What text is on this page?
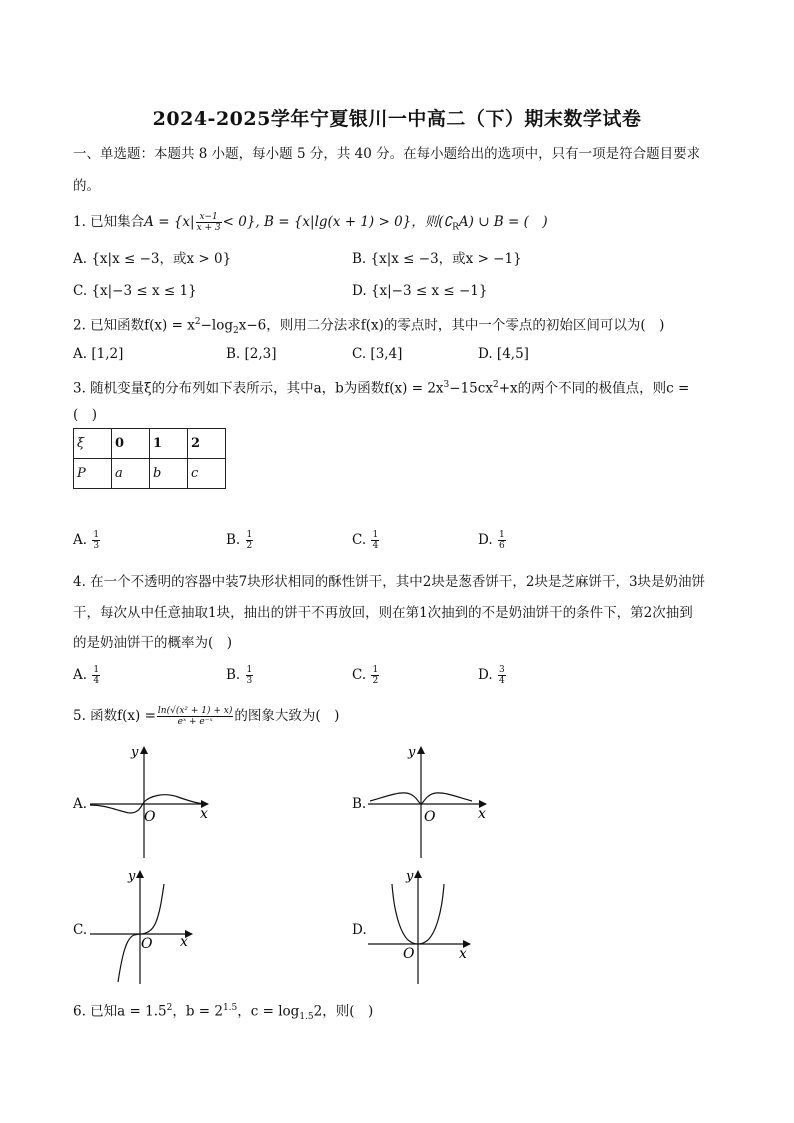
2024-2025学年宁夏银川一中高二（下）期末数学试卷
一、单选题：本题共 8 小题，每小题 5 分，共 40 分。在每小题给出的选项中，只有一项是符合题目要求
的。
1. 已知集合$A = \{x| \frac{x-1}{x + 3} < 0\}$, B = {x|lg(x + 1) > 0}，则$(∁_RA)$ ∪ B = (　)
A. {x|x ≤ −3，或x > 0}	B. {x|x ≤ −3，或x > −1}
C. {x|−3 ≤ x ≤ 1}	D. {x|−3 ≤ x ≤ −1}
2. 已知函数$f(x) = x^2-\log_2x-6$，则用二分法求f(x)的零点时，其中一个零点的初始区间可以为(　)
A. [1,2]	B. [2,3]	C. [3,4]	D. [4,5]
3. 随机变量ξ的分布列如下表所示，其中a，b为函数$f(x) = 2x^3-15cx^2+x$的两个不同的极值点，则c =
(　)
ξ	0	1	2
P	a	b	c
A. $\frac{1}{3}$	B. $\frac{1}{2}$	C. $\frac{1}{4}$	D. $\frac{1}{6}$
4. 在一个不透明的容器中装7块形状相同的酥性饼干，其中2块是葱香饼干，2块是芝麻饼干，3块是奶油饼
干，每次从中任意抽取1块，抽出的饼干不再放回，则在第1次抽到的不是奶油饼干的条件下，第2次抽到
的是奶油饼干的概率为(　)
A. $\frac{1}{4}$	B. $\frac{1}{3}$	C. $\frac{1}{2}$	D. $\frac{3}{4}$
5. 函数$f(x) = \frac{\text{ln(√(x² + 1) + x)}}{\text{eˣ + e⁻ˣ}}$ 的图象大致为(　)
A.
y
x
O
B.
y
x
O
C.
y
x
O
D.
y
x
O
6. 已知$a = 1.5^2$，$b = 2^{1.5}$，$c = \log_{1.5}2$，则(　)
